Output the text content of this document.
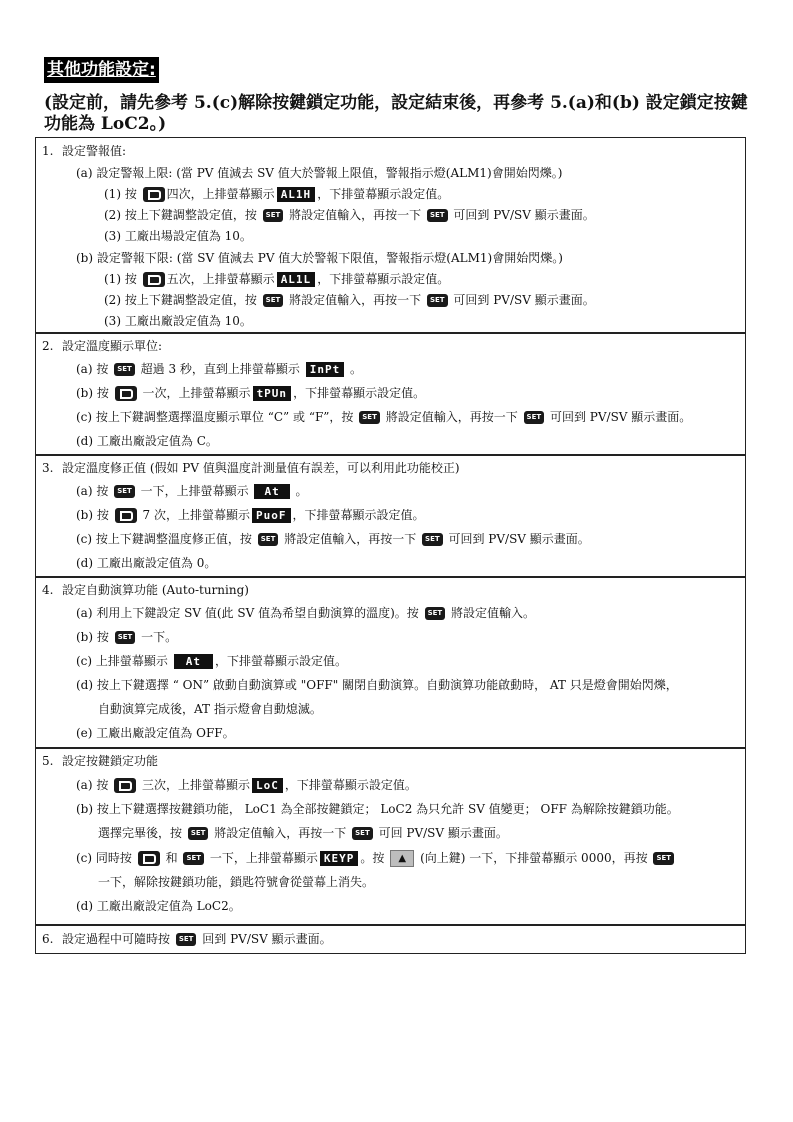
其他功能設定:
(設定前，請先參考 5.(c)解除按鍵鎖定功能，設定結束後，再參考 5.(a)和(b) 設定鎖定按鍵功能為 LoC2。)
1. 設定警報值:
(a) 設定警報上限: (當 PV 值減去 SV 值大於警報上限值，警報指示燈(ALM1)會開始閃爍。)
(1) 按 四次，上排螢幕顯示 AL1H ，下排螢幕顯示設定值。
(2) 按上下鍵調整設定值，按 SET 將設定值輸入，再按一下 SET 可回到 PV/SV 顯示畫面。
(3) 工廠出場設定值為 10。
(b) 設定警報下限: (當 SV 值減去 PV 值大於警報下限值，警報指示燈(ALM1)會開始閃爍。)
(1) 按 五次，上排螢幕顯示 AL1L ，下排螢幕顯示設定值。
(2) 按上下鍵調整設定值，按 SET 將設定值輸入，再按一下 SET 可回到 PV/SV 顯示畫面。
(3) 工廠出廠設定值為 10。
2. 設定溫度顯示單位:
(a) 按 SET 超過 3 秒，直到上排螢幕顯示 InPt 。
(b) 按	一次，上排螢幕顯示 tPUn ，下排螢幕顯示設定值。
(c) 按上下鍵調整選擇溫度顯示單位 “C” 或 “F”，按 SET 將設定值輸入，再按一下 SET 可回到 PV/SV 顯示畫面。
(d) 工廠出廠設定值為 C。
3. 設定溫度修正值 (假如 PV 值與溫度計測量值有誤差，可以利用此功能校正)
(a) 按 SET 一下，上排螢幕顯示 At 。
(b) 按	7 次，上排螢幕顯示 PuoF ，下排螢幕顯示設定值。
(c) 按上下鍵調整溫度修正值，按 SET 將設定值輸入，再按一下 SET 可回到 PV/SV 顯示畫面。
(d) 工廠出廠設定值為 0。
4. 設定自動演算功能 (Auto-turning)
(a) 利用上下鍵設定 SV 值(此 SV 值為希望自動演算的溫度)。按 SET 將設定值輸入。
(b) 按 SET 一下。
(c) 上排螢幕顯示 At ，下排螢幕顯示設定值。
(d) 按上下鍵選擇 “ ON” 啟動自動演算或 "OFF" 關閉自動演算。自動演算功能啟動時， AT 只是燈會開始閃爍，
自動演算完成後，AT 指示燈會自動熄滅。
(e) 工廠出廠設定值為 OFF。
5. 設定按鍵鎖定功能
(a) 按	三次，上排螢幕顯示 LoC ，下排螢幕顯示設定值。
(b) 按上下鍵選擇按鍵鎖功能， LoC1 為全部按鍵鎖定； LoC2 為只允許 SV 值變更； OFF 為解除按鍵鎖功能。
選擇完畢後，按 SET 將設定值輸入，再按一下 SET 可回 PV/SV 顯示畫面。
(c) 同時按	和 SET 一下，上排螢幕顯示 KEYP 。按 ▲ (向上鍵) 一下，下排螢幕顯示 0000，再按 SET
一下，解除按鍵鎖功能，鎖匙符號會從螢幕上消失。
(d) 工廠出廠設定值為 LoC2。
6. 設定過程中可隨時按 SET 回到 PV/SV 顯示畫面。
